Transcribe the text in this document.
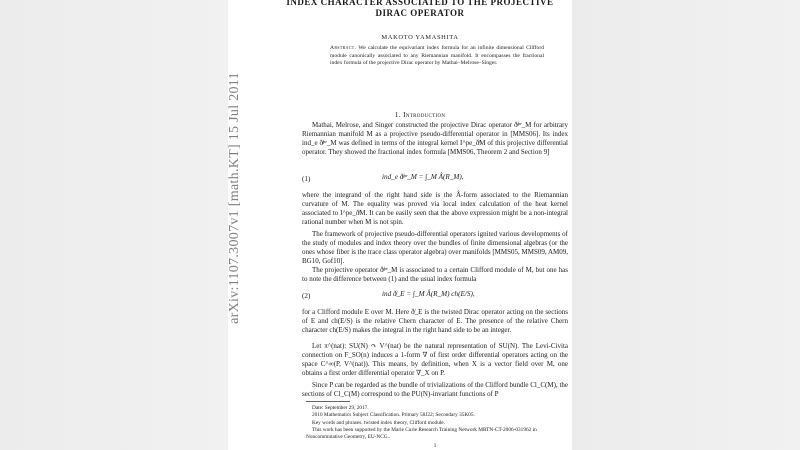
arXiv:1107.3007v1 [math.KT] 15 Jul 2011
INDEX CHARACTER ASSOCIATED TO THE PROJECTIVE
DIRAC OPERATOR
MAKOTO YAMASHITA
Abstract. We calculate the equivariant index formula for an infinite dimensional Clifford module canonically associated to any Riemannian manifold. It encompasses the fractional index formula of the projective Dirac operator by Mathai–Melrose–Singer.
1. Introduction
Mathai, Melrose, and Singer constructed the projective Dirac operator ð̸ᵖᵉ_M for arbitrary Riemannian manifold M as a projective pseudo-differential operator in [MMS06]. Its index ind_e ð̸ᵖᵉ_M was defined in terms of the integral kernel I^pe_ð̸M of this projective differential operator. They showed the fractional index formula [MMS06, Theorem 2 and Section 9]
(1)	ind_e ð̸ᵖᵉ_M = ∫_M Â(R_M),
where the integrand of the right hand side is the Â-form associated to the Riemannian curvature of M. The equality was proved via local index calculation of the heat kernel associated to I^pe_ð̸M. It can be easily seen that the above expression might be a non-integral rational number when M is not spin.
The framework of projective pseudo-differential operators ignited various developments of the study of modules and index theory over the bundles of finite dimensional algebras (or the ones whose fiber is the trace class operator algebra) over manifolds [MMS05, MMS09, AM09, BG10, Gof10].
The projective operator ð̸ᵖᵉ_M is associated to a certain Clifford module of M, but one has to note the difference between (1) and the usual index formula
(2)	ind ð̸_E = ∫_M Â(R_M) ch(E/S),
for a Clifford module E over M. Here ð̸_E is the twisted Dirac operator acting on the sections of E and ch(E/S) is the relative Chern character of E. The presence of the relative Chern character ch(E/S) makes the integral in the right hand side to be an integer.
Let π^(nat): SU(N) ↷ V^(nat) be the natural representation of SU(N). The Levi-Civita connection on F_SO(n) induces a 1-form ∇ of first order differential operators acting on the space C^∞(P, V^(nat)). This means, by definition, when X is a vector field over M, one obtains a first order differential operator ∇_X on P.
Since P can be regarded as the bundle of trivializations of the Clifford bundle Cl_C(M), the sections of Cl_C(M) correspond to the PU(N)-invariant functions of P
Date: September 29, 2017.
2010 Mathematics Subject Classification. Primary 58J22; Secondary 35K05.
Key words and phrases. twisted index theory, Clifford module.
This work has been supported by the Marie Curie Research Training Network MRTN-CT-2006-031962 in Noncommutative Geometry, EU-NCG..
1
